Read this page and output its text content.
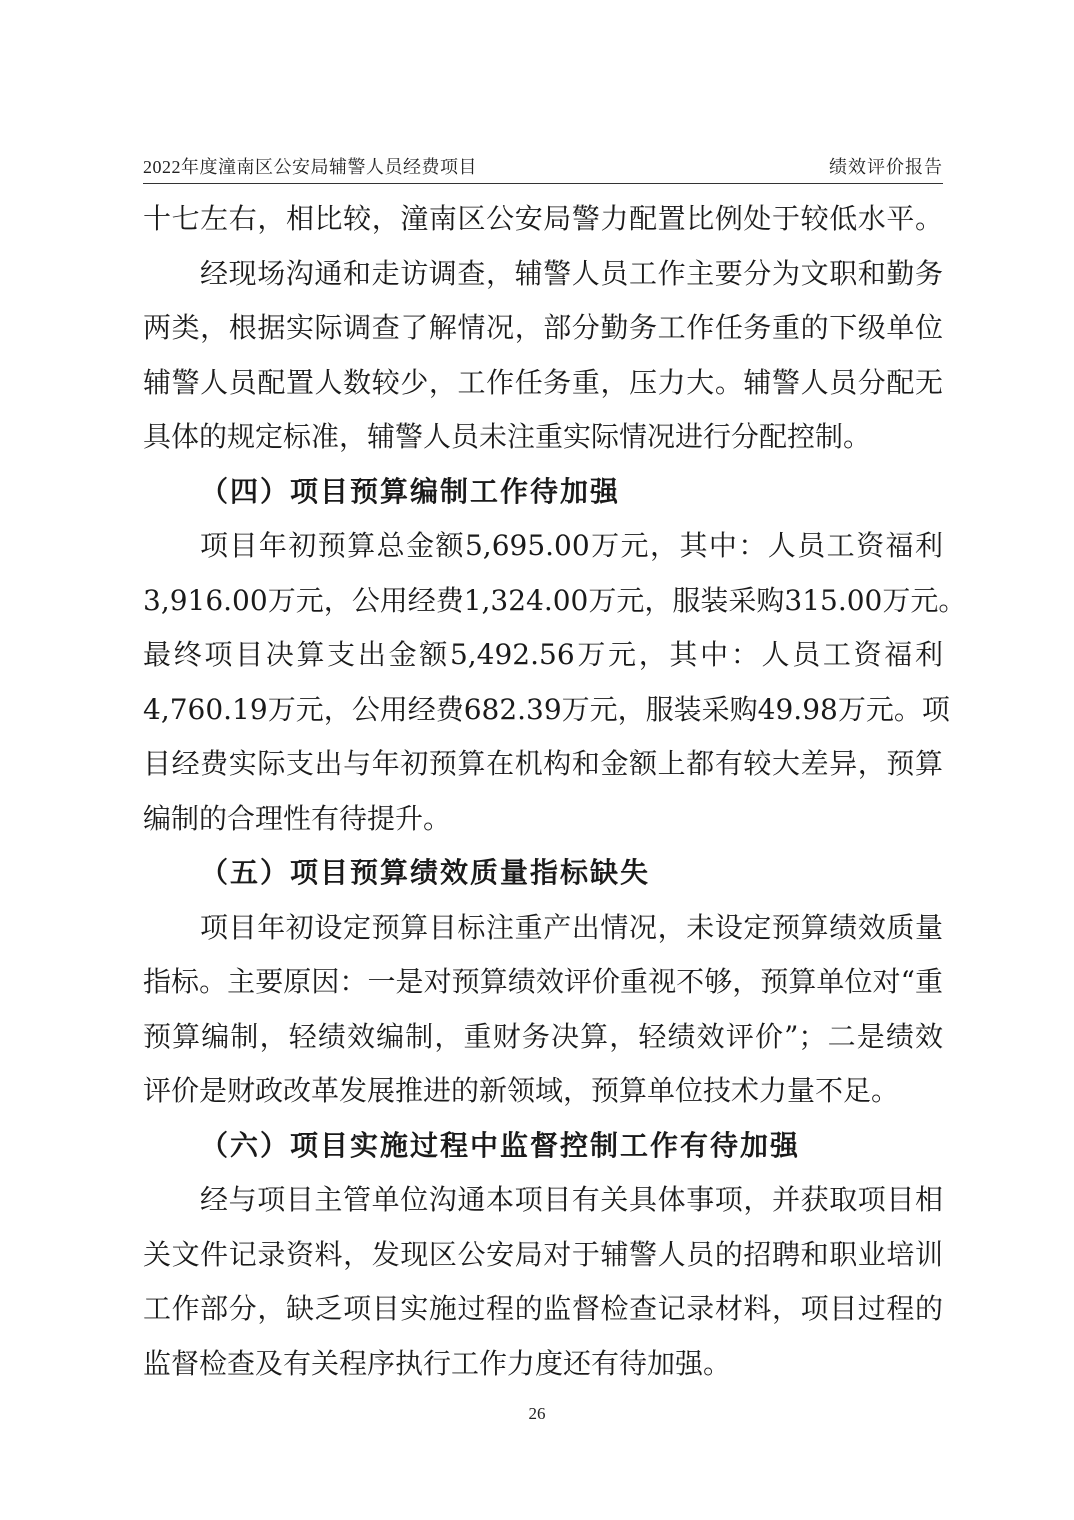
2022年度潼南区公安局辅警人员经费项目	绩效评价报告
十七左右，相比较，潼南区公安局警力配置比例处于较低水平。
经现场沟通和走访调查，辅警人员工作主要分为文职和勤务
两类，根据实际调查了解情况，部分勤务工作任务重的下级单位
辅警人员配置人数较少，工作任务重，压力大。辅警人员分配无
具体的规定标准，辅警人员未注重实际情况进行分配控制。
（四）项目预算编制工作待加强
项目年初预算总金额5,695.00万元，其中：人员工资福利
3,916.00万元，公用经费1,324.00万元，服装采购315.00万元。
最终项目决算支出金额5,492.56万元，其中：人员工资福利
4,760.19万元，公用经费682.39万元，服装采购49.98万元。项
目经费实际支出与年初预算在机构和金额上都有较大差异，预算
编制的合理性有待提升。
（五）项目预算绩效质量指标缺失
项目年初设定预算目标注重产出情况，未设定预算绩效质量
指标。主要原因：一是对预算绩效评价重视不够，预算单位对“重
预算编制，轻绩效编制，重财务决算，轻绩效评价”；二是绩效
评价是财政改革发展推进的新领域，预算单位技术力量不足。
（六）项目实施过程中监督控制工作有待加强
经与项目主管单位沟通本项目有关具体事项，并获取项目相
关文件记录资料，发现区公安局对于辅警人员的招聘和职业培训
工作部分，缺乏项目实施过程的监督检查记录材料，项目过程的
监督检查及有关程序执行工作力度还有待加强。
26
